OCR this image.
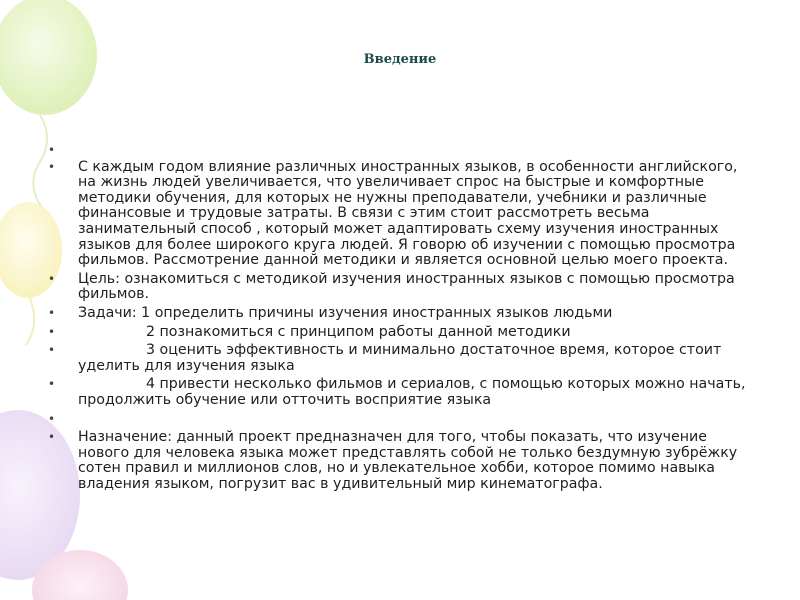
Введение
•
• С каждым годом влияние различных иностранных языков, в особенности английского, на жизнь людей увеличивается, что увеличивает спрос на быстрые и комфортные методики обучения, для которых не нужны преподаватели, учебники и различные финансовые и трудовые затраты. В связи с этим стоит рассмотреть весьма занимательный способ , который может адаптировать схему изучения иностранных языков для более широкого круга людей. Я говорю об изучении с помощью просмотра фильмов. Рассмотрение данной методики и является основной целью моего проекта.
• Цель: ознакомиться с методикой изучения иностранных языков с помощью просмотра фильмов.
• Задачи: 1 определить причины изучения иностранных языков людьми
• 2 познакомиться с принципом работы данной методики
• 3 оценить эффективность и минимально достаточное время, которое стоит уделить для изучения языка
• 4 привести несколько фильмов и сериалов, с помощью которых можно начать, продолжить обучение или отточить восприятие языка
•
• Назначение: данный проект предназначен для того, чтобы показать, что изучение нового для человека языка может представлять собой не только бездумную зубрёжку сотен правил и миллионов слов, но и увлекательное хобби, которое помимо навыка владения языком, погрузит вас в удивительный мир кинематографа.
